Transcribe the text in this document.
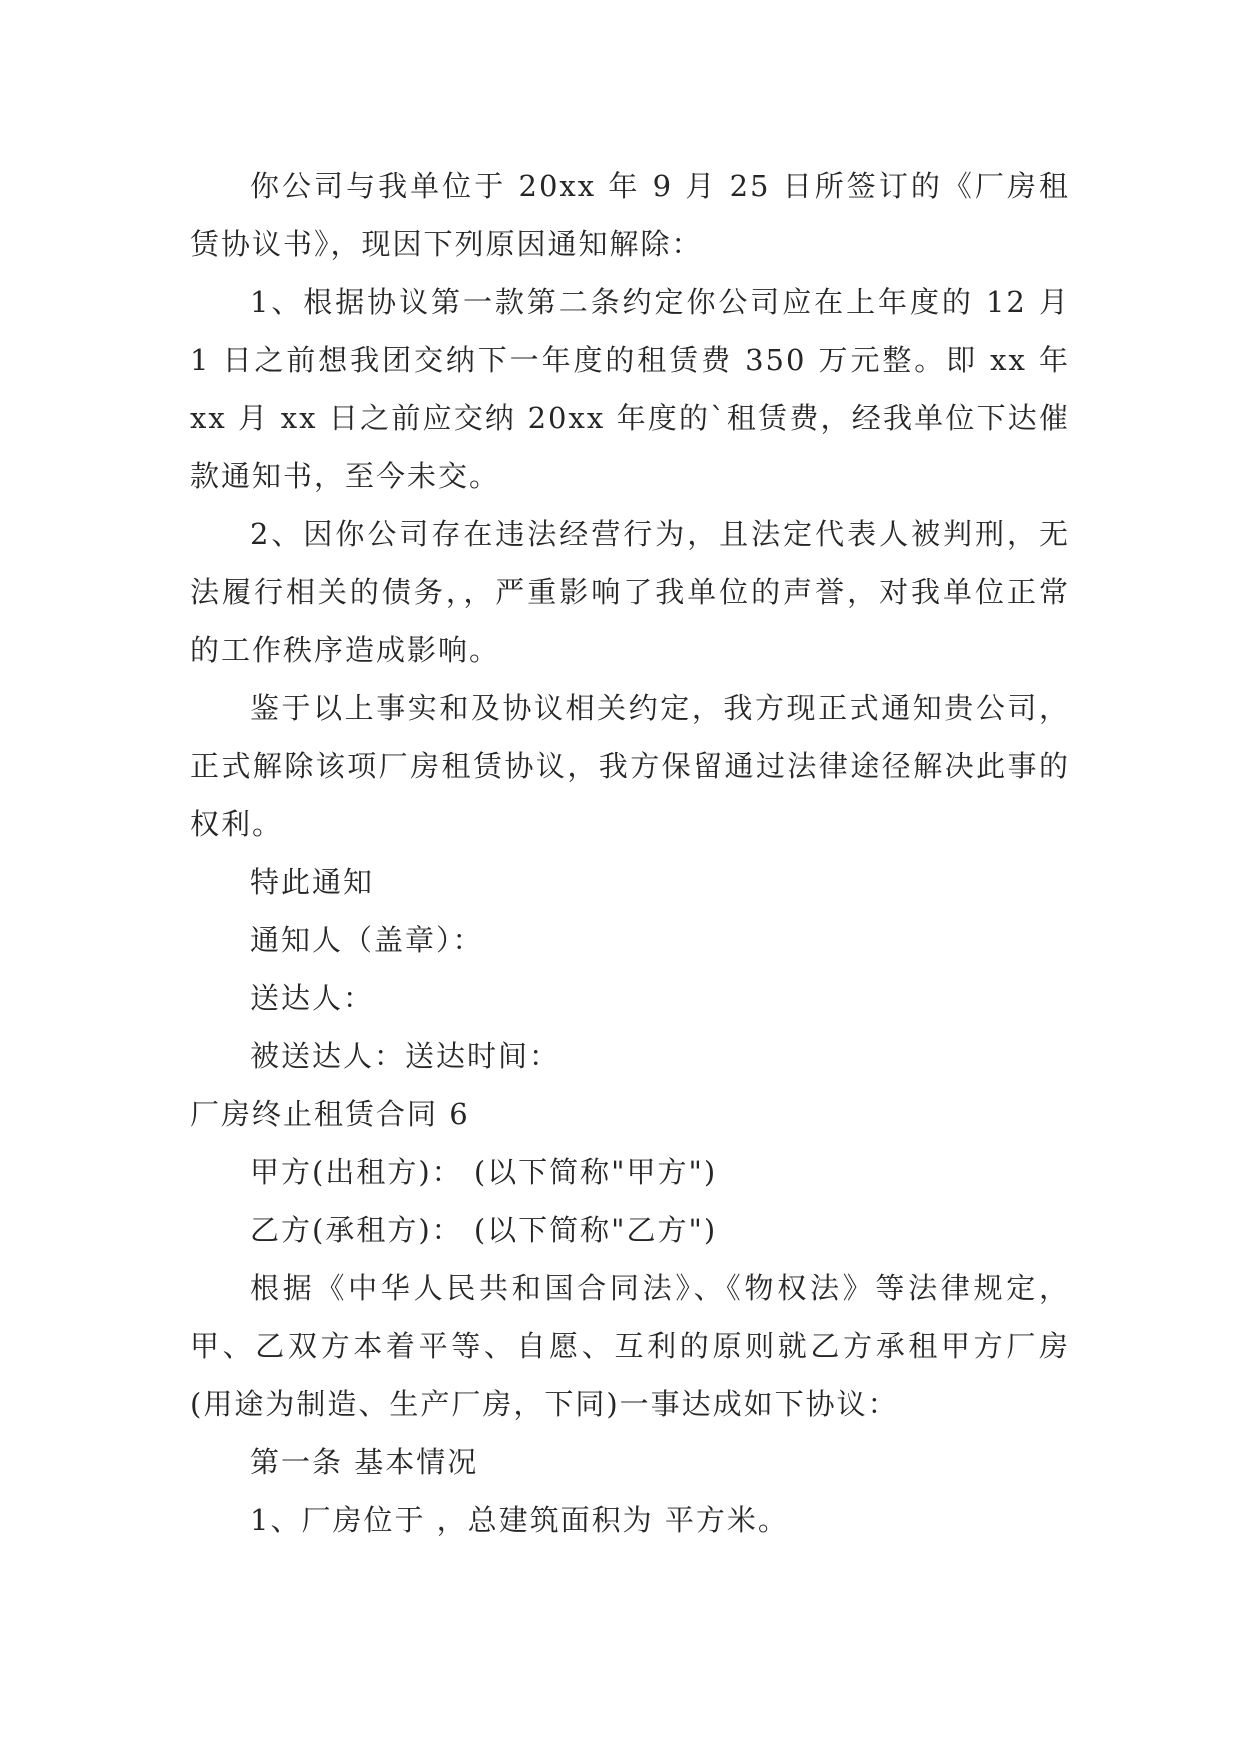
你公司与我单位于 20xx 年 9 月 25 日所签订的《厂房租赁协议书》，现因下列原因通知解除：

1、根据协议第一款第二条约定你公司应在上年度的 12 月 1 日之前想我团交纳下一年度的租赁费 350 万元整。即 xx 年 xx 月 xx 日之前应交纳 20xx 年度的`租赁费，经我单位下达催款通知书，至今未交。

2、因你公司存在违法经营行为，且法定代表人被判刑，无法履行相关的债务，，严重影响了我单位的声誉，对我单位正常的工作秩序造成影响。

鉴于以上事实和及协议相关约定，我方现正式通知贵公司，正式解除该项厂房租赁协议，我方保留通过法律途径解决此事的权利。

特此通知

通知人（盖章）：

送达人：

被送达人：送达时间：

厂房终止租赁合同 6

甲方(出租方)： (以下简称"甲方")

乙方(承租方)： (以下简称"乙方")

根据《中华人民共和国合同法》、《物权法》等法律规定，甲、乙双方本着平等、自愿、互利的原则就乙方承租甲方厂房(用途为制造、生产厂房，下同)一事达成如下协议：

第一条 基本情况

1、厂房位于 ，总建筑面积为 平方米。
